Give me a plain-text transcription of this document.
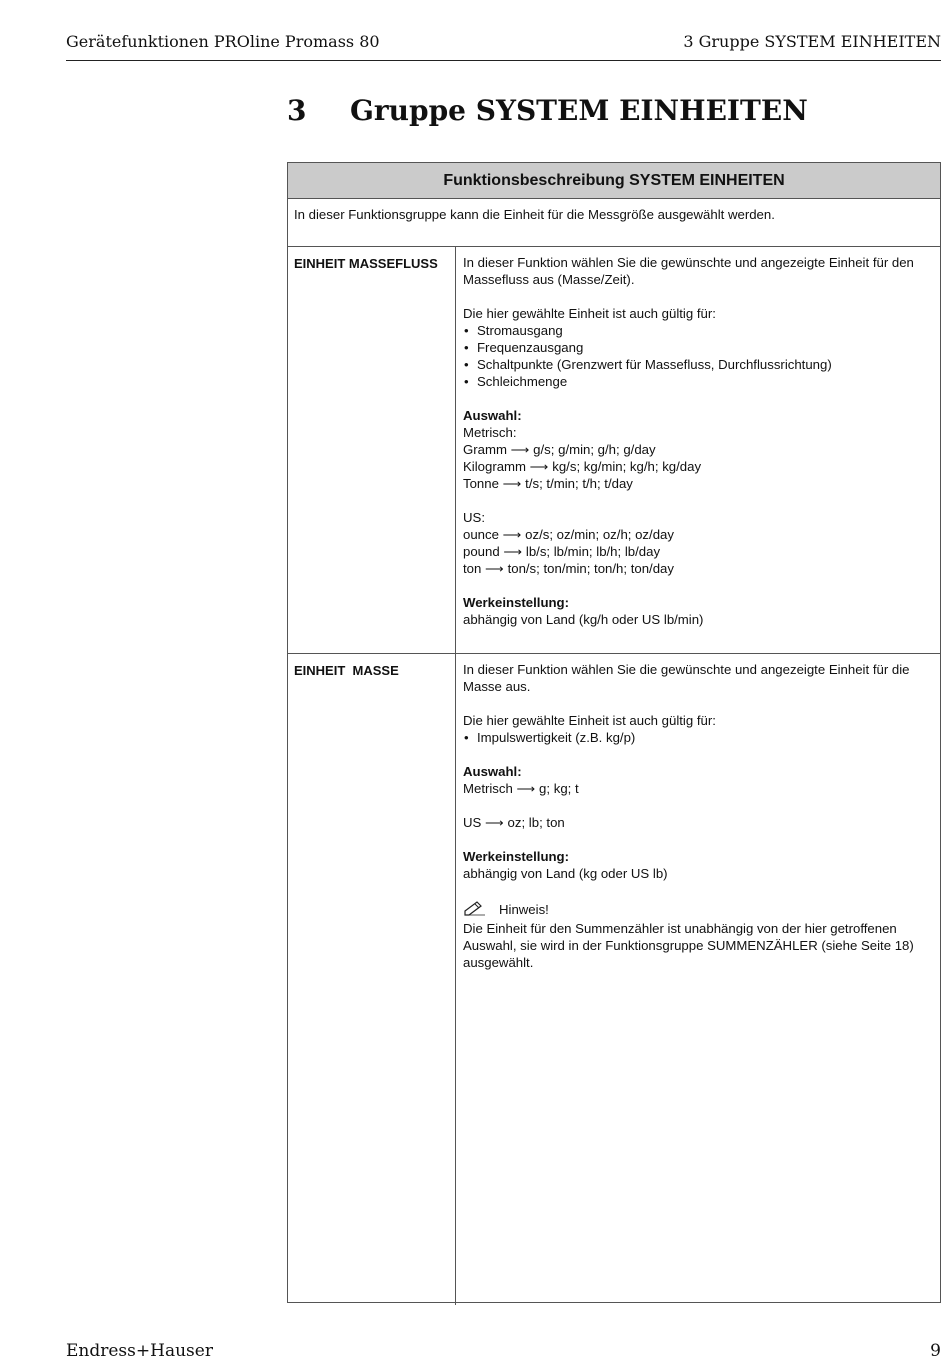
Gerätefunktionen PROline Promass 80	3 Gruppe SYSTEM EINHEITEN
3 Gruppe SYSTEM EINHEITEN
Funktionsbeschreibung SYSTEM EINHEITEN
In dieser Funktionsgruppe kann die Einheit für die Messgröße ausgewählt werden.
EINHEIT MASSEFLUSS	In dieser Funktion wählen Sie die gewünschte und angezeigte Einheit für den
Massefluss aus (Masse/Zeit).
Die hier gewählte Einheit ist auch gültig für:
• Stromausgang
• Frequenzausgang
• Schaltpunkte (Grenzwert für Massefluss, Durchflussrichtung)
• Schleichmenge
Auswahl:
Metrisch:
Gramm ⟶ g/s; g/min; g/h; g/day
Kilogramm ⟶ kg/s; kg/min; kg/h; kg/day
Tonne ⟶ t/s; t/min; t/h; t/day
US:
ounce ⟶ oz/s; oz/min; oz/h; oz/day
pound ⟶ lb/s; lb/min; lb/h; lb/day
ton ⟶ ton/s; ton/min; ton/h; ton/day
Werkeinstellung:
abhängig von Land (kg/h oder US lb/min)
EINHEIT  MASSE	In dieser Funktion wählen Sie die gewünschte und angezeigte Einheit für die
Masse aus.
Die hier gewählte Einheit ist auch gültig für:
• Impulswertigkeit (z.B. kg/p)
Auswahl:
Metrisch ⟶ g; kg; t
US ⟶ oz; lb; ton
Werkeinstellung:
abhängig von Land (kg oder US lb)
Hinweis!
Die Einheit für den Summenzähler ist unabhängig von der hier getroffenen
Auswahl, sie wird in der Funktionsgruppe SUMMENZÄHLER (siehe Seite 18)
ausgewählt.
Endress+Hauser	9
